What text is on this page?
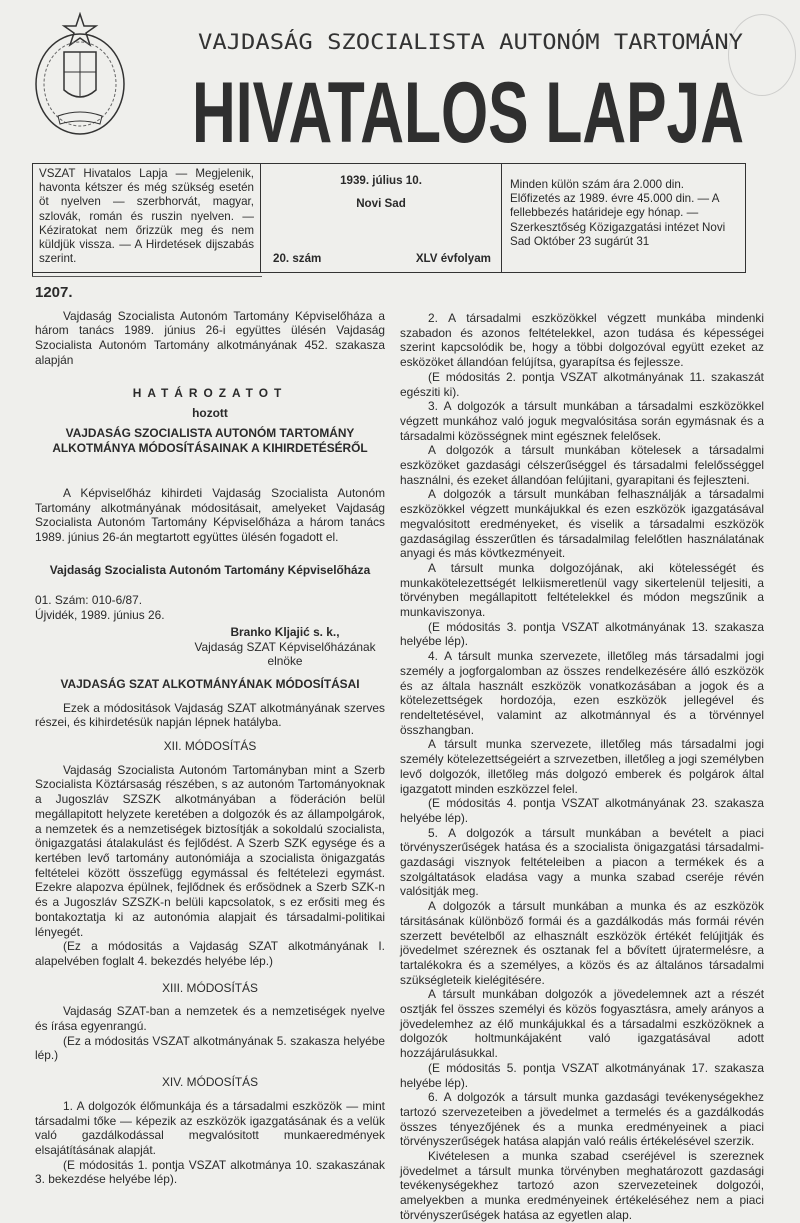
VAJDASÁG SZOCIALISTA AUTONÓM TARTOMÁNY
HIVATALOS LAPJA
VSZAT Hivatalos Lapja — Megjelenik, havonta kétszer és még szükség esetén öt nyelven — szerbhorvát, magyar, szlovák, román és ruszin nyelven. — Kéziratokat nem őrizzük meg és nem küldjük vissza. — A Hirdetések dijszabás szerint.
1939. július 10.
Novi Sad
20. szám	XLV évfolyam
Minden külön szám ára 2.000 din. Előfizetés az 1989. évre 45.000 din. — A fellebbezés határideje egy hónap. — Szerkesztőség Közigazgatási intézet Novi Sad Október 23 sugárút 31
1207.

Vajdaság Szocialista Autonóm Tartomány Képviselőháza a három tanács 1989. június 26-i együttes ülésén Vajdaság Szocialista Autonóm Tartomány alkotmányának 452. szakasza alapján

HATÁROZATOT

hozott

VAJDASÁG SZOCIALISTA AUTONÓM TARTOMÁNY ALKOTMÁNYA MÓDOSÍTÁSAINAK A KIHIRDETÉSÉRŐL

A Képviselőház kihirdeti Vajdaság Szocialista Autonóm Tartomány alkotmányának módositásait, amelyeket Vajdaság Szocialista Autonóm Tartomány Képviselőháza a három tanács 1989. június 26-án megtartott együttes ülésén fogadott el.

Vajdaság Szocialista Autonóm Tartomány Képviselőháza

01. Szám: 010-6/87.

Újvidék, 1989. június 26.

Branko Kljajić s. k.,
Vajdaság SZAT Képviselőházának
elnöke

VAJDASÁG SZAT ALKOTMÁNYÁNAK MÓDOSÍTÁSAI

Ezek a módositások Vajdaság SZAT alkotmányának szerves részei, és kihirdetésük napján lépnek hatályba.

XII. MÓDOSÍTÁS

Vajdaság Szocialista Autonóm Tartományban mint a Szerb Szocialista Köztársaság részében, s az autonóm Tartományoknak a Jugoszláv SZSZK alkotmányában a föderáción belül megállapitott helyzete keretében a dolgozók és az állampolgárok, a nemzetek és a nemzetiségek biztosítják a sokoldalú szocialista, önigazgatási átalakulást és fejlődést. A Szerb SZK egysége és a kertében levő tartomány autonómiája a szocialista önigazgatás feltételei között összefügg egymással és feltételezi egymást. Ezekre alapozva épülnek, fejlődnek és erősödnek a Szerb SZK-n és a Jugoszláv SZSZK-n belüli kapcsolatok, s ez erősiti meg és bontakoztatja ki az autonómia alapjait és társadalmi-politikai lényegét.

(Ez a módositás a Vajdaság SZAT alkotmányának I. alapelvében foglalt 4. bekezdés helyébe lép.)

XIII. MÓDOSÍTÁS

Vajdaság SZAT-ban a nemzetek és a nemzetiségek nyelve és írása egyenrangú.

(Ez a módositás VSZAT alkotmányának 5. szakasza helyébe lép.)

XIV. MÓDOSÍTÁS

1. A dolgozók élőmunkája és a társadalmi eszközök — mint társadalmi tőke — képezik az eszközök igazgatásának és a velük való gazdálkodással megvalósitott munkaeredmények elsajátításának alapját.

(E módositás 1. pontja VSZAT alkotmánya 10. szakaszának 3. bekezdése helyébe lép).

2. A társadalmi eszközökkel végzett munkába mindenki szabadon és azonos feltételekkel, azon tudása és képességei szerint kapcsolódik be, hogy a többi dolgozóval együtt ezeket az esközöket állandóan felújítsa, gyarapítsa és fejlessze.

(E módositás 2. pontja VSZAT alkotmányának 11. szakaszát egésziti ki).

3. A dolgozók a társult munkában a társadalmi eszközökkel végzett munkához való joguk megvalósitása során egymásnak és a társadalmi közösségnek mint egésznek felelősek.

A dolgozók a társult munkában kötelesek a társadalmi eszközöket gazdasági célszerűséggel és társadalmi felelősséggel használni, és ezeket állandóan felújitani, gyarapitani és fejleszteni.

A dolgozók a társult munkában felhasználják a társadalmi eszközökkel végzett munkájukkal és ezen eszközök igazgatásával megvalósitott eredményeket, és viselik a társadalmi eszközök gazdaságilag ésszerűtlen és társadalmilag felelőtlen használatának anyagi és más kövtkezményeit.

A társult munka dolgozójának, aki kötelességét és munkakötelezettségét lelkiismeretlenül vagy sikertelenül teljesiti, a törvényben megállapitott feltételekkel és módon megszűnik a munkaviszonya.

(E módositás 3. pontja VSZAT alkotmányának 13. szakasza helyébe lép).

4. A társult munka szervezete, illetőleg más társadalmi jogi személy a jogforgalomban az összes rendelkezésére álló eszközök és az általa használt eszközök vonatkozásában a jogok és a kötelezettségek hordozója, ezen eszközök jellegével és rendeltetésével, valamint az alkotmánnyal és a törvénnyel összhangban.

A társult munka szervezete, illetőleg más társadalmi jogi személy kötelezettségeiért a szrvezetben, illetőleg a jogi személyben levő dolgozók, illetőleg más dolgozó emberek és polgárok által igazgatott minden eszközzel felel.

(E módositás 4. pontja VSZAT alkotmányának 23. szakasza helyébe lép).

5. A dolgozók a társult munkában a bevételt a piaci törvényszerűségek hatása és a szocialista önigazgatási társadalmi-gazdasági visznyok feltételeiben a piacon a termékek és a szolgáltatások eladása vagy a munka szabad cseréje révén valósitják meg.

A dolgozók a társult munkában a munka és az eszközök társitásának különböző formái és a gazdálkodás más formái révén szerzett bevételből az elhasznált eszközök értékét felújitják és jövedelmet széreznek és osztanak fel a bővített újratermelésre, a tartalékokra és a személyes, a közös és az általános társadalmi szükségleteik kielégitésére.

A társult munkában dolgozók a jövedelemnek azt a részét osztják fel összes személyi és közös fogyasztásra, amely arányos a jövedelemhez az élő munkájukkal és a társadalmi eszközöknek a dolgozók holtmunkájaként való igazgatásával adott hozzájárulásukkal.

(E módositás 5. pontja VSZAT alkotmányának 17. szakasza helyébe lép).

6. A dolgozók a társult munka gazdasági tevékenységekhez tartozó szervezeteiben a jövedelmet a termelés és a gazdálkodás összes tényezőjének és a munka eredményeinek a piaci törvényszerűségek hatása alapján való reális értékelésével szerzik.

Kivételesen a munka szabad cseréjével is szereznek jövedelmet a társult munka törvényben meghatározott gazdasági tevékenységekhez tartozó azon szervezeteinek dolgozói, amelyekben a munka eredményeinek értékeléséhez nem a piaci törvényszerűségek hatása az egyetlen alap.
